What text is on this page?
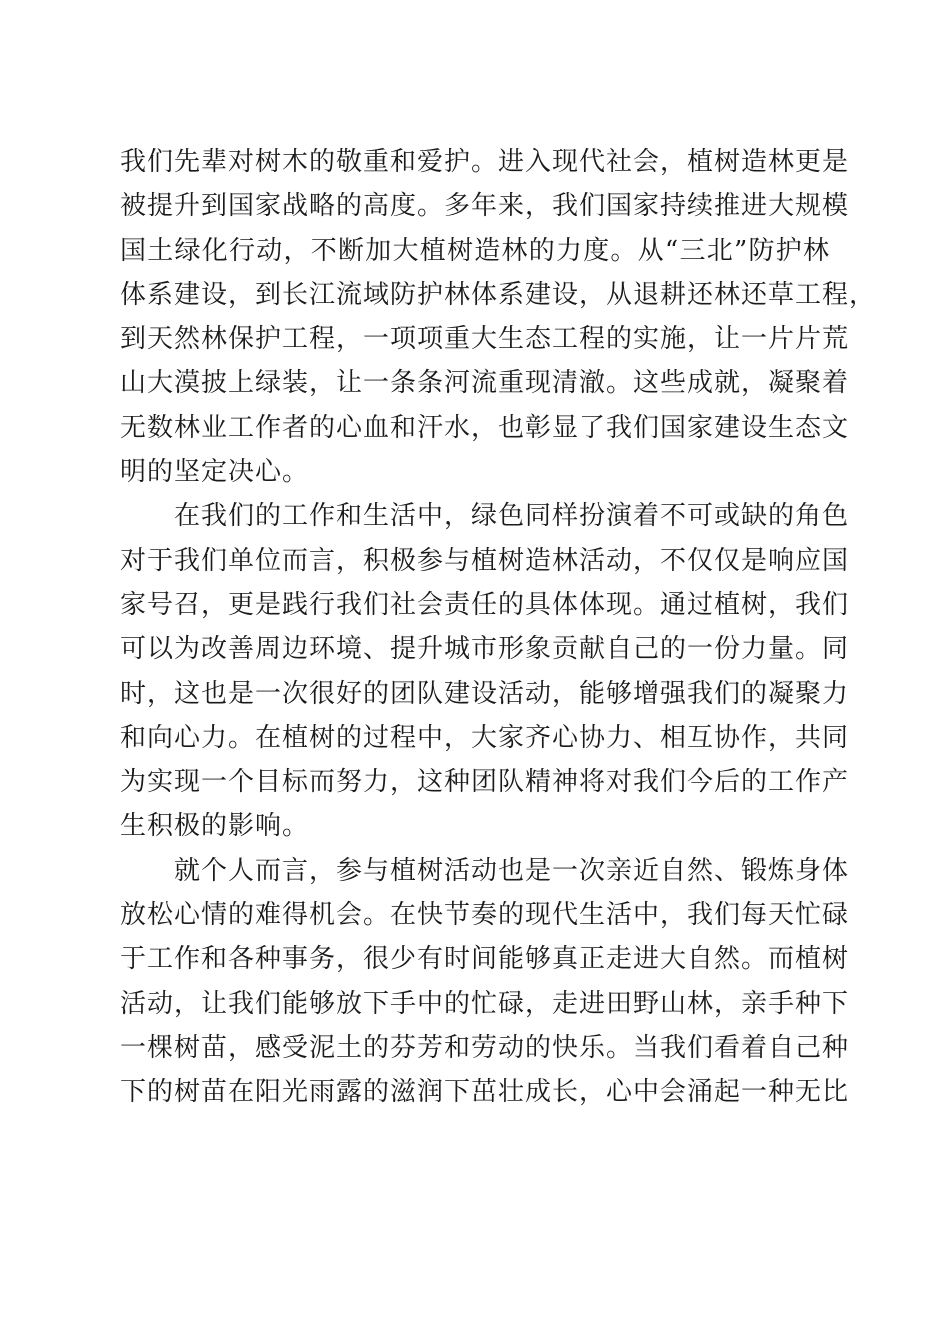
我们先辈对树木的敬重和爱护。进入现代社会，植树造林更是
被提升到国家战略的高度。多年来，我们国家持续推进大规模
国土绿化行动，不断加大植树造林的力度。从“三北”防护林
体系建设，到长江流域防护林体系建设，从退耕还林还草工程，
到天然林保护工程，一项项重大生态工程的实施，让一片片荒
山大漠披上绿装，让一条条河流重现清澈。这些成就，凝聚着
无数林业工作者的心血和汗水，也彰显了我们国家建设生态文
明的坚定决心。
在我们的工作和生活中，绿色同样扮演着不可或缺的角色
对于我们单位而言，积极参与植树造林活动，不仅仅是响应国
家号召，更是践行我们社会责任的具体体现。通过植树，我们
可以为改善周边环境、提升城市形象贡献自己的一份力量。同
时，这也是一次很好的团队建设活动，能够增强我们的凝聚力
和向心力。在植树的过程中，大家齐心协力、相互协作，共同
为实现一个目标而努力，这种团队精神将对我们今后的工作产
生积极的影响。
就个人而言，参与植树活动也是一次亲近自然、锻炼身体
放松心情的难得机会。在快节奏的现代生活中，我们每天忙碌
于工作和各种事务，很少有时间能够真正走进大自然。而植树
活动，让我们能够放下手中的忙碌，走进田野山林，亲手种下
一棵树苗，感受泥土的芬芳和劳动的快乐。当我们看着自己种
下的树苗在阳光雨露的滋润下茁壮成长，心中会涌起一种无比
